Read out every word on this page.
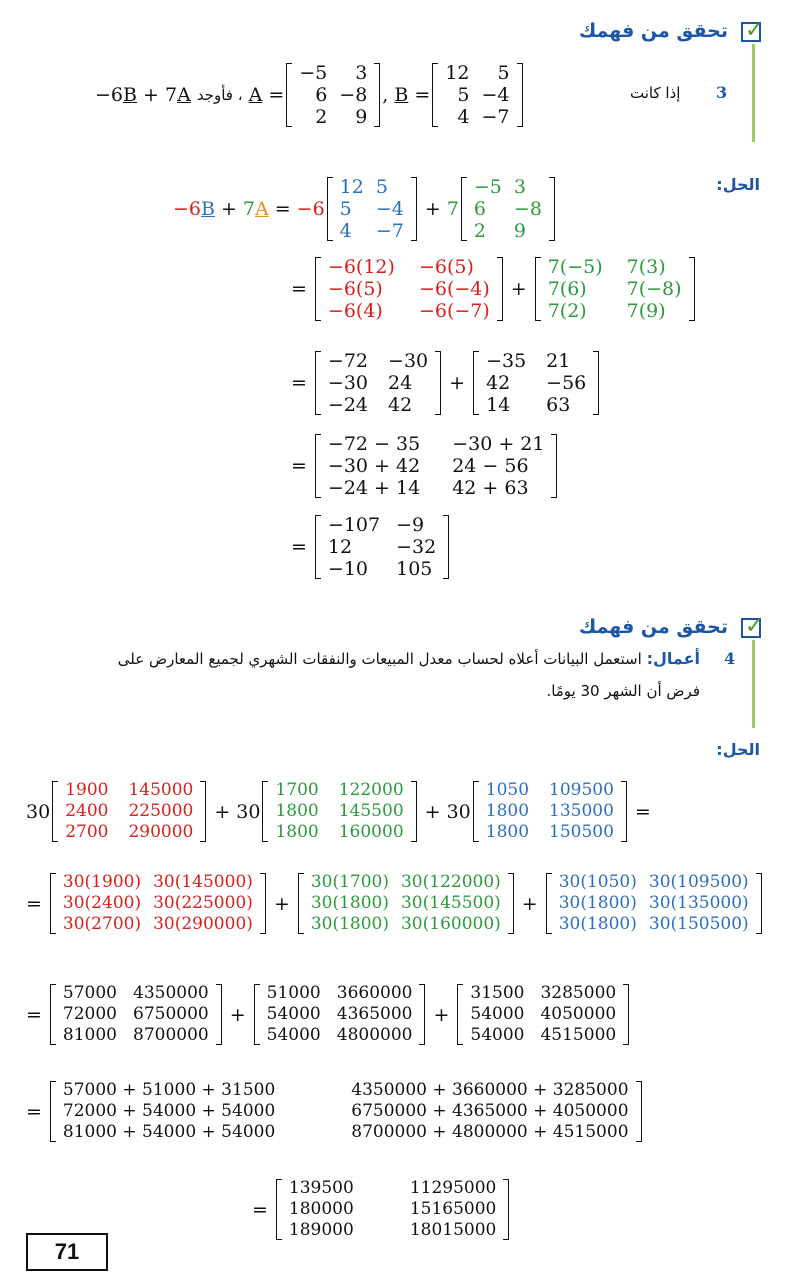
✓
تحقق من فهمك
3
إذا كانت
−6B + 7A ، فأوجد A =
−5	3
6	−8
2	9
, B =
12	5
5	−4
4	−7
الحل:
−6B + 7A = −6
12	5
5	−4
4	−7
+ 7
−5	3
6	−8
2	9
=
−6(12)	−6(5)
−6(5)	−6(−4)
−6(4)	−6(−7)
+
7(−5)	7(3)
7(6)	7(−8)
7(2)	7(9)
=
−72	−30
−30	24
−24	42
+
−35	21
42	−56
14	63
=
−72 − 35	−30 + 21
−30 + 42	24 − 56
−24 + 14	42 + 63
=
−107	−9
12	−32
−10	105
✓
تحقق من فهمك
4
أعمال: استعمل البيانات أعلاه لحساب معدل المبيعات والنفقات الشهري لجميع المعارض على
فرض أن الشهر 30 يومًا.
الحل:
30
1900	145000
2400	225000
2700	290000
+ 30
1700	122000
1800	145500
1800	160000
+ 30
1050	109500
1800	135000
1800	150500
=
=
30(1900)	30(145000)
30(2400)	30(225000)
30(2700)	30(290000)
+
30(1700)	30(122000)
30(1800)	30(145500)
30(1800)	30(160000)
+
30(1050)	30(109500)
30(1800)	30(135000)
30(1800)	30(150500)
=
57000	4350000
72000	6750000
81000	8700000
+
51000	3660000
54000	4365000
54000	4800000
+
31500	3285000
54000	4050000
54000	4515000
=
57000 + 51000 + 31500	4350000 + 3660000 + 3285000
72000 + 54000 + 54000	6750000 + 4365000 + 4050000
81000 + 54000 + 54000	8700000 + 4800000 + 4515000
=
139500	11295000
180000	15165000
189000	18015000
71
